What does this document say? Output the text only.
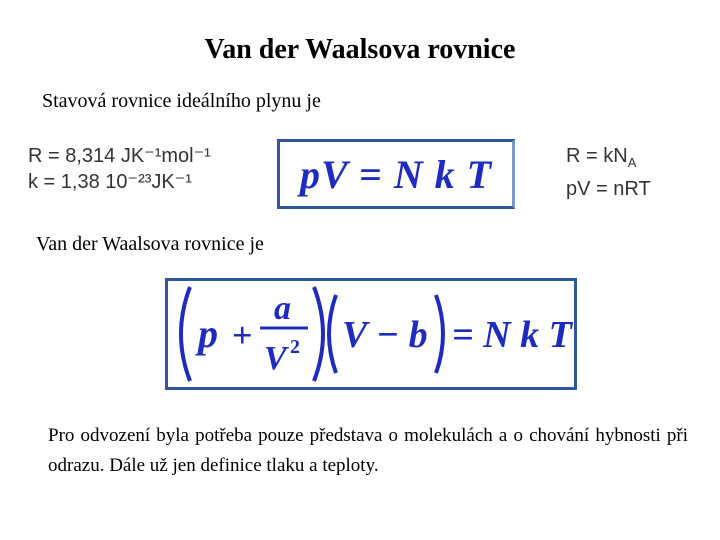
Van der Waalsova rovnice
Stavová rovnice ideálního plynu je
R = 8,314 JK⁻¹mol⁻¹
k = 1,38 10⁻²³JK⁻¹	pV = N k T	$R = kN_A$
pV = nRT
Van der Waalsova rovnice je
p +
a
V 2 V − b = N k T
Pro odvození byla potřeba pouze představa o molekulách a o chování hybnosti při odrazu. Dále už jen definice tlaku a teploty.
